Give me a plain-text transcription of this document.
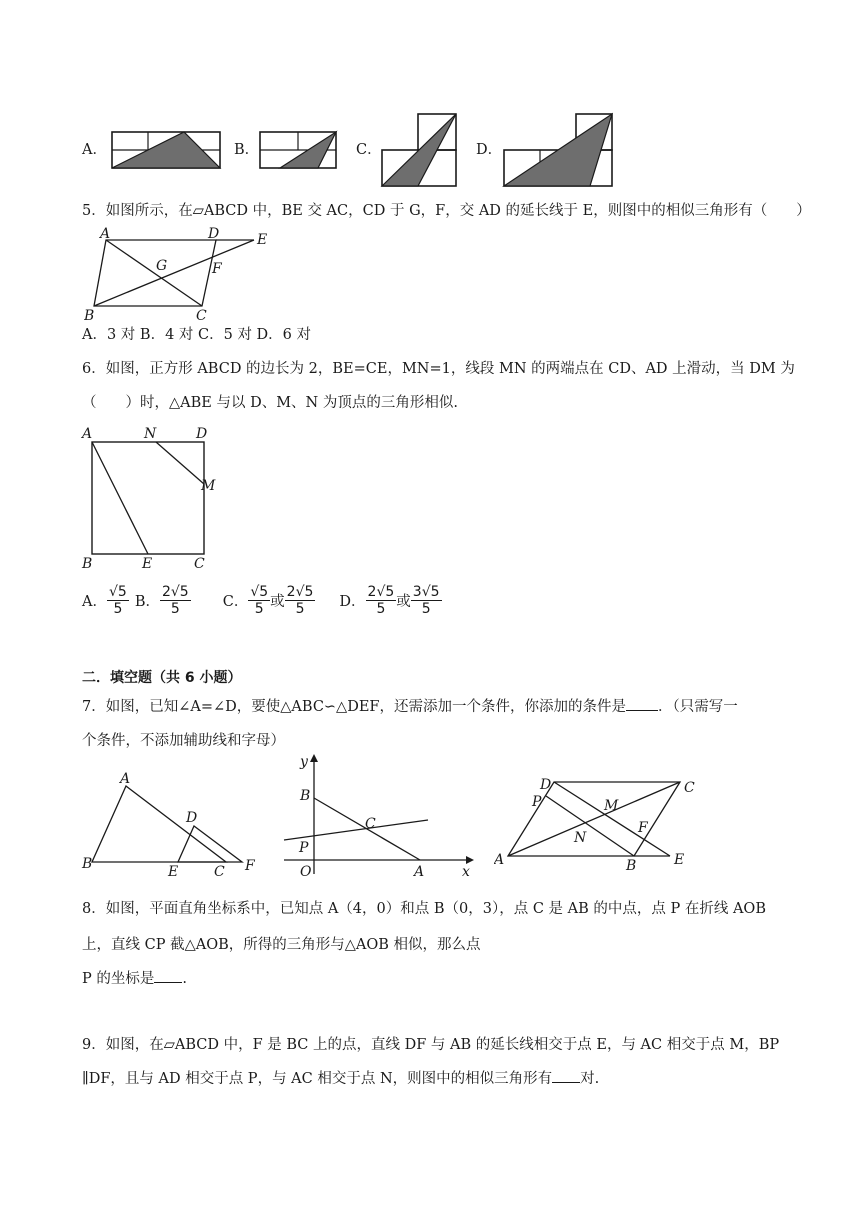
A．	B．	C．	D．
5．如图所示，在▱ABCD 中，BE 交 AC，CD 于 G，F，交 AD 的延长线于 E，则图中的相似三角形有（　　）
A	D	E
G	F
B	C
A．3 对 B．4 对 C．5 对 D．6 对
6．如图，正方形 ABCD 的边长为 2，BE=CE，MN=1，线段 MN 的两端点在 CD、AD 上滑动，当 DM 为
（　　）时，△ABE 与以 D、M、N 为顶点的三角形相似.
A	N	D
M
B	E	C
A． $\frac{√5}{5}$ B． $\frac{2√5}{5}$ C． $\frac{√5}{5}$ 或 $\frac{2√5}{5}$ D． $\frac{2√5}{5}$ 或 $\frac{3√5}{5}$
二．填空题（共 6 小题）
7．如图，已知∠A=∠D，要使△ABC∽△DEF，还需添加一个条件，你添加的条件是 ．（只需写一
个条件，不添加辅助线和字母）
A
D
B	E	C F
y
B
C
P
O	A	x
D	C
P	M
N
F
A	B	E
8．如图，平面直角坐标系中，已知点 A（4，0）和点 B（0，3），点 C 是 AB 的中点，点 P 在折线 AOB
上，直线 CP 截△AOB，所得的三角形与△AOB 相似，那么点
P 的坐标是 .
9．如图，在▱ABCD 中，F 是 BC 上的点，直线 DF 与 AB 的延长线相交于点 E，与 AC 相交于点 M，BP
∥DF，且与 AD 相交于点 P，与 AC 相交于点 N，则图中的相似三角形有 对.
